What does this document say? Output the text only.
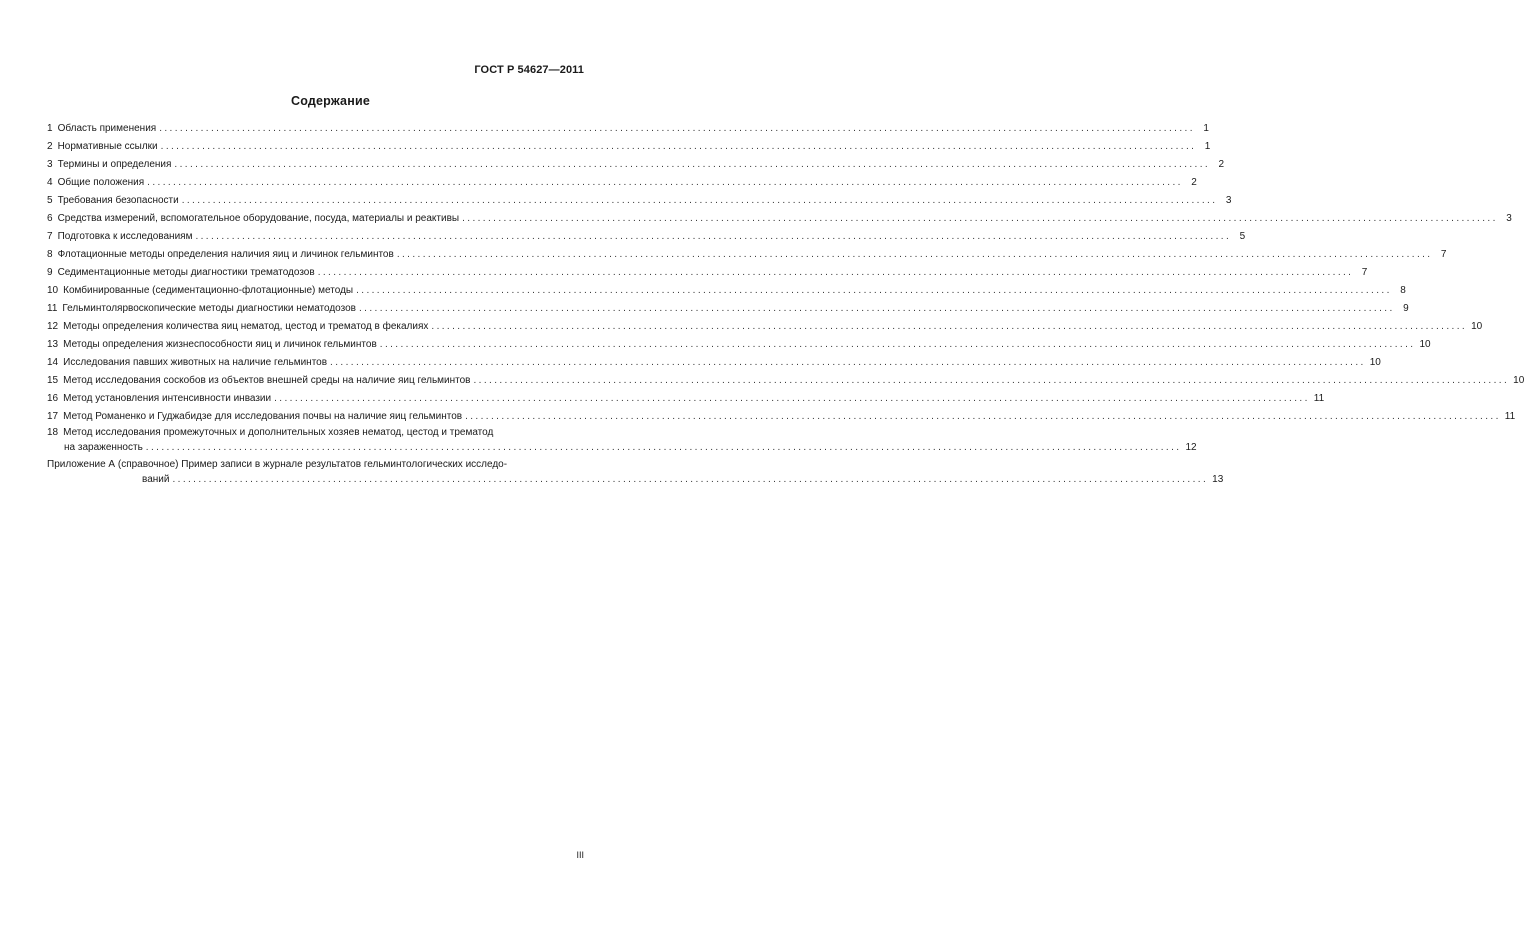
ГОСТ Р 54627—2011
Содержание
1 Область применения ........................................................................................................................................................................................................ 1
2 Нормативные ссылки ........................................................................................................................................................................................................ 1
3 Термины и определения ........................................................................................................................................................................................................ 2
4 Общие положения ........................................................................................................................................................................................................ 2
5 Требования безопасности ........................................................................................................................................................................................................ 3
6 Средства измерений, вспомогательное оборудование, посуда, материалы и реактивы ........................................................................................................................................................................................................ 3
7 Подготовка к исследованиям ........................................................................................................................................................................................................ 5
8 Флотационные методы определения наличия яиц и личинок гельминтов ........................................................................................................................................................................................................ 7
9 Седиментационные методы диагностики трематодозов ........................................................................................................................................................................................................ 7
10 Комбинированные (седиментационно-флотационные) методы ........................................................................................................................................................................................................ 8
11 Гельминтолярвоскопические методы диагностики нематодозов ........................................................................................................................................................................................................ 9
12 Методы определения количества яиц нематод, цестод и трематод в фекалиях ........................................................................................................................................................................................................ 10
13 Методы определения жизнеспособности яиц и личинок гельминтов ........................................................................................................................................................................................................ 10
14 Исследования павших животных на наличие гельминтов ........................................................................................................................................................................................................ 10
15 Метод исследования соскобов из объектов внешней среды на наличие яиц гельминтов ........................................................................................................................................................................................................ 10
16 Метод установления интенсивности инвазии ........................................................................................................................................................................................................ 11
17 Метод Романенко и Гуджабидзе для исследования почвы на наличие яиц гельминтов ........................................................................................................................................................................................................ 11
18 Метод исследования промежуточных и дополнительных хозяев нематод, цестод и трематод
на зараженность ........................................................................................................................................................................................................ 12
Приложение А (справочное) Пример записи в журнале результатов гельминтологических исследо-
ваний ........................................................................................................................................................................................................ 13
III
